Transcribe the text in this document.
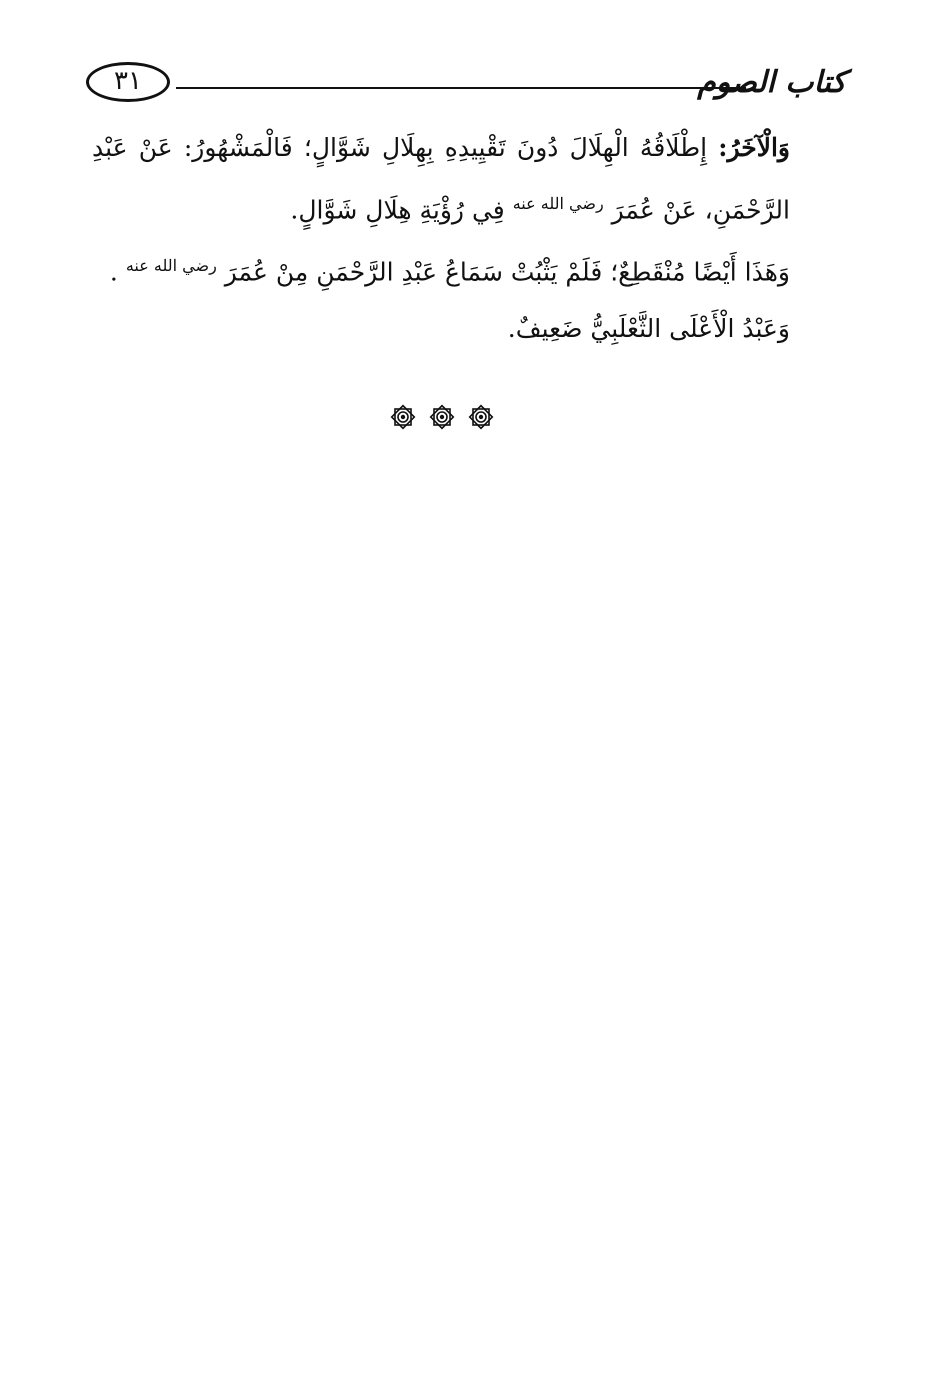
٣١	كتاب الصوم

وَالْآخَرُ: إِطْلَاقُهُ الْهِلَالَ دُونَ تَقْيِيدِهِ بِهِلَالِ شَوَّالٍ؛ فَالْمَشْهُورُ: عَنْ عَبْدِ الرَّحْمَنِ، عَنْ عُمَرَ $^{رضي الله عنه}$ فِي رُؤْيَةِ هِلَالِ شَوَّالٍ.

وَهَذَا أَيْضًا مُنْقَطِعٌ؛ فَلَمْ يَثْبُتْ سَمَاعُ عَبْدِ الرَّحْمَنِ مِنْ عُمَرَ $^{رضي الله عنه}$ .

وَعَبْدُ الْأَعْلَى الثَّعْلَبِيُّ ضَعِيفٌ.
